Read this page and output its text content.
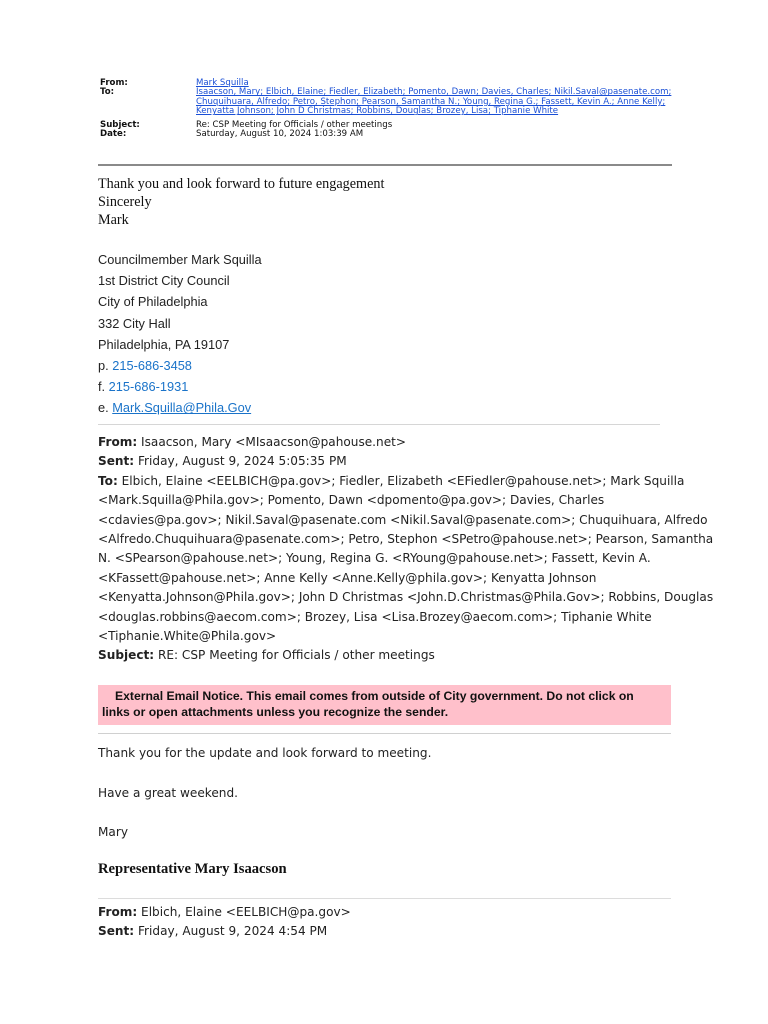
From:	Mark Squilla
To:	Isaacson, Mary; Elbich, Elaine; Fiedler, Elizabeth; Pomento, Dawn; Davies, Charles; Nikil.Saval@pasenate.com;
Chuquihuara, Alfredo; Petro, Stephon; Pearson, Samantha N.; Young, Regina G.; Fassett, Kevin A.; Anne Kelly;
Kenyatta Johnson; John D Christmas; Robbins, Douglas; Brozey, Lisa; Tiphanie White
Subject:	Re: CSP Meeting for Officials / other meetings
Date:	Saturday, August 10, 2024 1:03:39 AM
Thank you and look forward to future engagement
Sincerely
Mark
Councilmember Mark Squilla
1st District City Council
City of Philadelphia
332 City Hall
Philadelphia, PA 19107
p. 215-686-3458
f. 215-686-1931
e. Mark.Squilla@Phila.Gov
From: Isaacson, Mary <MIsaacson@pahouse.net>
Sent: Friday, August 9, 2024 5:05:35 PM
To: Elbich, Elaine <EELBICH@pa.gov>; Fiedler, Elizabeth <EFiedler@pahouse.net>; Mark Squilla
<Mark.Squilla@Phila.gov>; Pomento, Dawn <dpomento@pa.gov>; Davies, Charles
<cdavies@pa.gov>; Nikil.Saval@pasenate.com <Nikil.Saval@pasenate.com>; Chuquihuara, Alfredo
<Alfredo.Chuquihuara@pasenate.com>; Petro, Stephon <SPetro@pahouse.net>; Pearson, Samantha
N. <SPearson@pahouse.net>; Young, Regina G. <RYoung@pahouse.net>; Fassett, Kevin A.
<KFassett@pahouse.net>; Anne Kelly <Anne.Kelly@phila.gov>; Kenyatta Johnson
<Kenyatta.Johnson@Phila.gov>; John D Christmas <John.D.Christmas@Phila.Gov>; Robbins, Douglas
<douglas.robbins@aecom.com>; Brozey, Lisa <Lisa.Brozey@aecom.com>; Tiphanie White
<Tiphanie.White@Phila.gov>
Subject: RE: CSP Meeting for Officials / other meetings
External Email Notice. This email comes from outside of City government. Do not click on
links or open attachments unless you recognize the sender.
Thank you for the update and look forward to meeting.
Have a great weekend.
Mary
Representative Mary Isaacson
From: Elbich, Elaine <EELBICH@pa.gov>
Sent: Friday, August 9, 2024 4:54 PM
